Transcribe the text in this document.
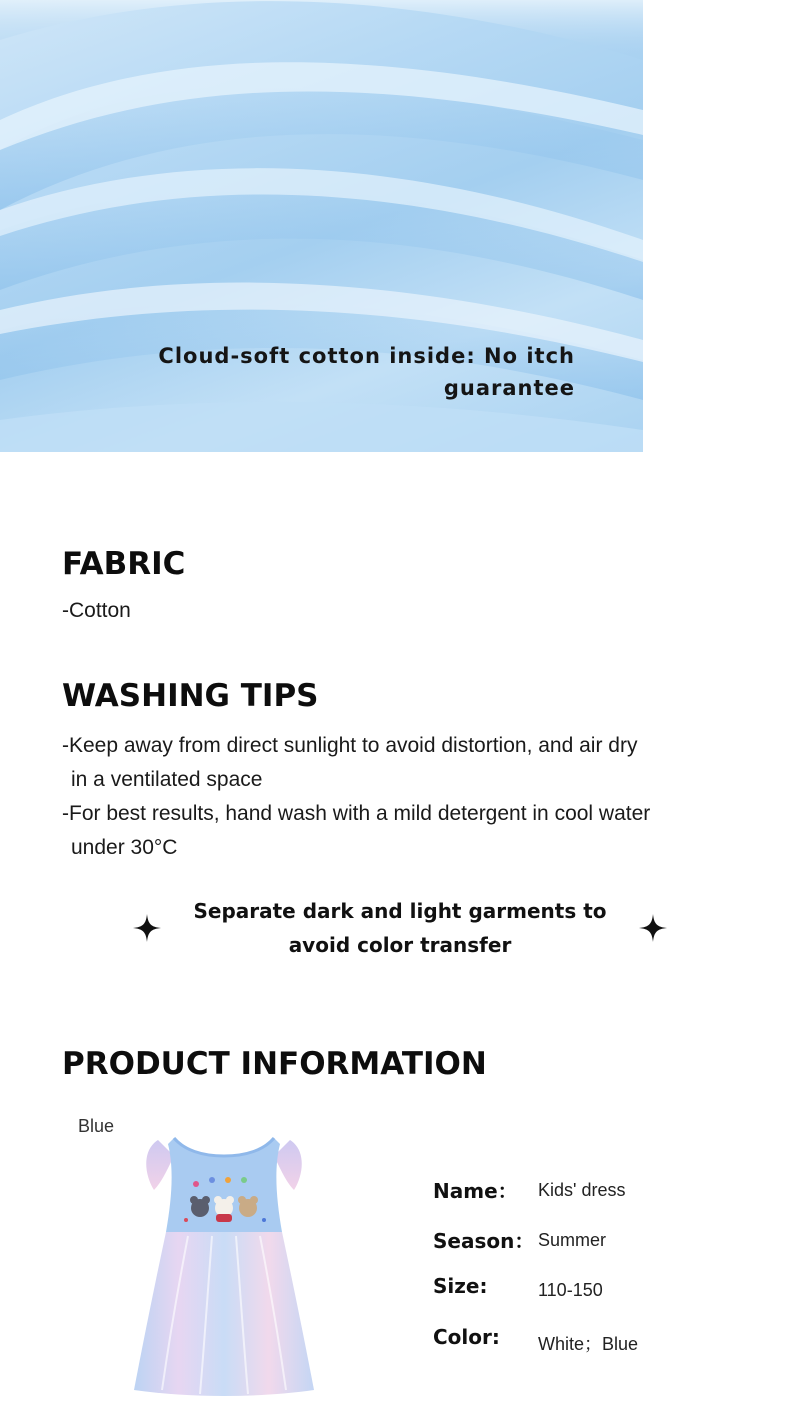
Cloud-soft cotton inside: No itch
guarantee
FABRIC
-Cotton
WASHING TIPS
-Keep away from direct sunlight to avoid distortion, and air dry
in a ventilated space
-For best results, hand wash with a mild detergent in cool water
under 30°C
Separate dark and light garments to
avoid color transfer
PRODUCT INFORMATION
Blue
Name： Kids' dress
Season： Summer
Size:	110-150
Color: White；Blue
